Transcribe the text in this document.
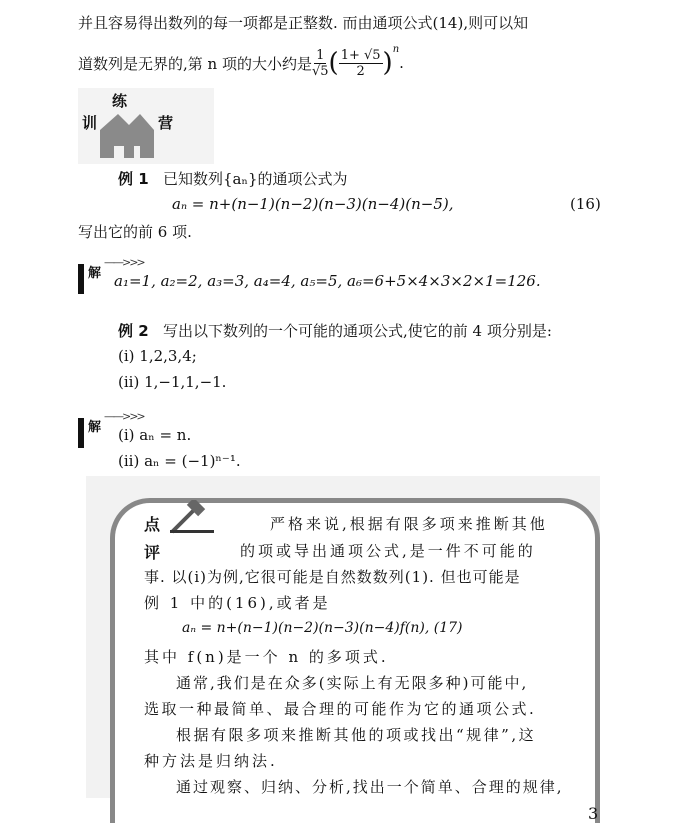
并且容易得出数列的每一项都是正整数. 而由通项公式(14),则可以知
道数列是无界的,第 n 项的大小约是 $\frac{1}{√5}$ ( $\frac{1+ √5}{2} )^n$
.
训
练
营
例 1 已知数列{aₙ}的通项公式为
aₙ = n+(n−1)(n−2)(n−3)(n−4)(n−5),	(16)
写出它的前 6 项.
解
——>>>
a₁=1, a₂=2, a₃=3, a₄=4, a₅=5, a₆=6+5×4×3×2×1=126.
例 2 写出以下数列的一个可能的通项公式,使它的前 4 项分别是:
(i) 1,2,3,4;
(ii) 1,−1,1,−1.
解
——>>>
(i) aₙ = n.
(ii) aₙ = (−1)ⁿ⁻¹.
点
评
严格来说,根据有限多项来推断其他
的项或导出通项公式,是一件不可能的
事. 以(i)为例,它很可能是自然数数列(1). 但也可能是
例 1 中的(16),或者是
aₙ = n+(n−1)(n−2)(n−3)(n−4)f(n), (17)
其中 f(n)是一个 n 的多项式.
通常,我们是在众多(实际上有无限多种)可能中,
选取一种最简单、最合理的可能作为它的通项公式.
根据有限多项来推断其他的项或找出“规律”,这
种方法是归纳法.
通过观察、归纳、分析,找出一个简单、合理的规律,
3
